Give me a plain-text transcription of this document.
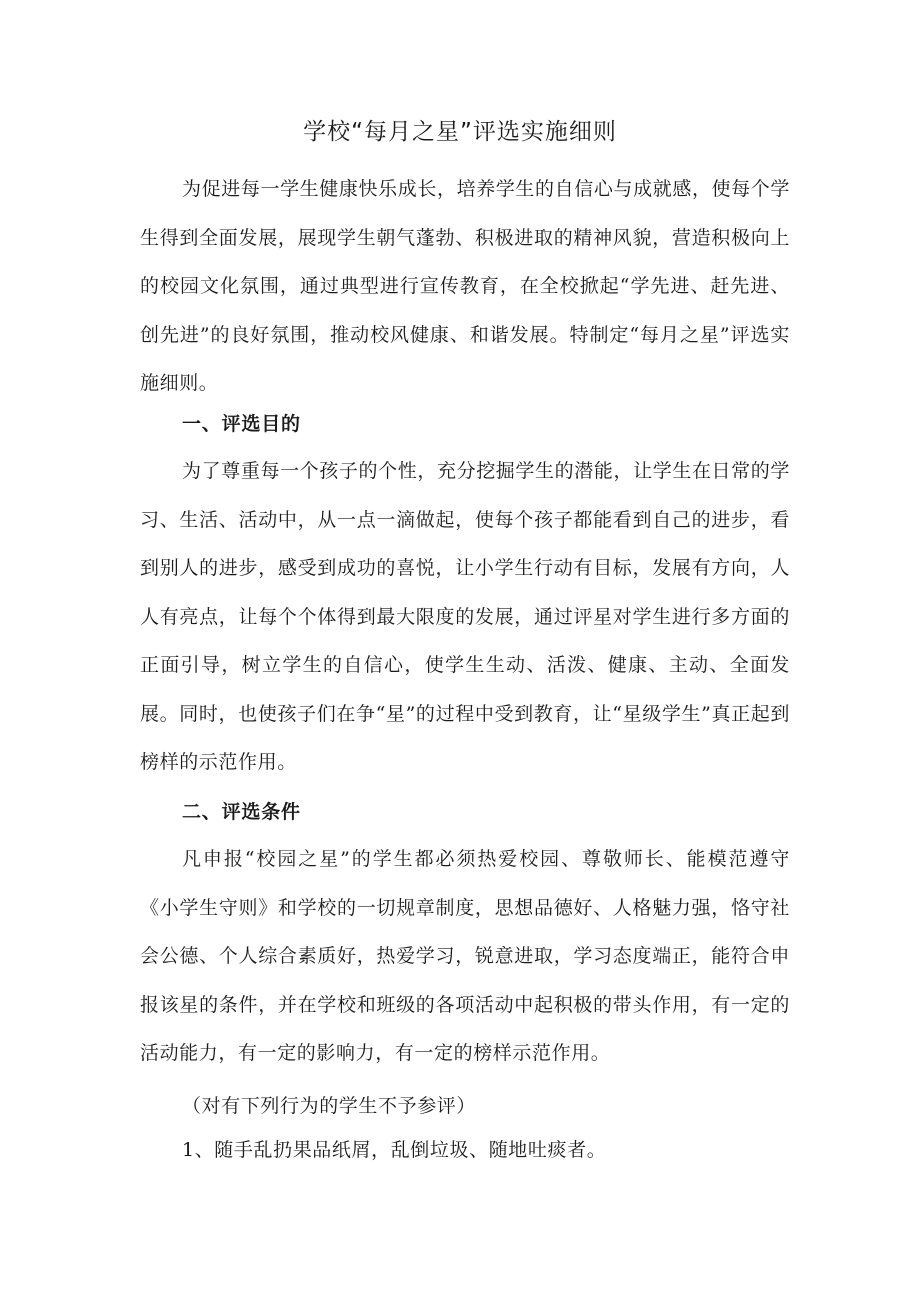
学校“每月之星”评选实施细则

为促进每一学生健康快乐成长，培养学生的自信心与成就感，使每个学生得到全面发展，展现学生朝气蓬勃、积极进取的精神风貌，营造积极向上的校园文化氛围，通过典型进行宣传教育，在全校掀起“学先进、赶先进、创先进”的良好氛围，推动校风健康、和谐发展。特制定“每月之星”评选实施细则。

一、评选目的

为了尊重每一个孩子的个性，充分挖掘学生的潜能，让学生在日常的学习、生活、活动中，从一点一滴做起，使每个孩子都能看到自己的进步，看到别人的进步，感受到成功的喜悦，让小学生行动有目标，发展有方向，人人有亮点，让每个个体得到最大限度的发展，通过评星对学生进行多方面的正面引导，树立学生的自信心，使学生生动、活泼、健康、主动、全面发展。同时，也使孩子们在争“星”的过程中受到教育，让“星级学生”真正起到榜样的示范作用。

二、评选条件

凡申报“校园之星”的学生都必须热爱校园、尊敬师长、能模范遵守《小学生守则》和学校的一切规章制度，思想品德好、人格魅力强，恪守社会公德、个人综合素质好，热爱学习，锐意进取，学习态度端正，能符合申报该星的条件，并在学校和班级的各项活动中起积极的带头作用，有一定的活动能力，有一定的影响力，有一定的榜样示范作用。

（对有下列行为的学生不予参评）

1、随手乱扔果品纸屑，乱倒垃圾、随地吐痰者。
